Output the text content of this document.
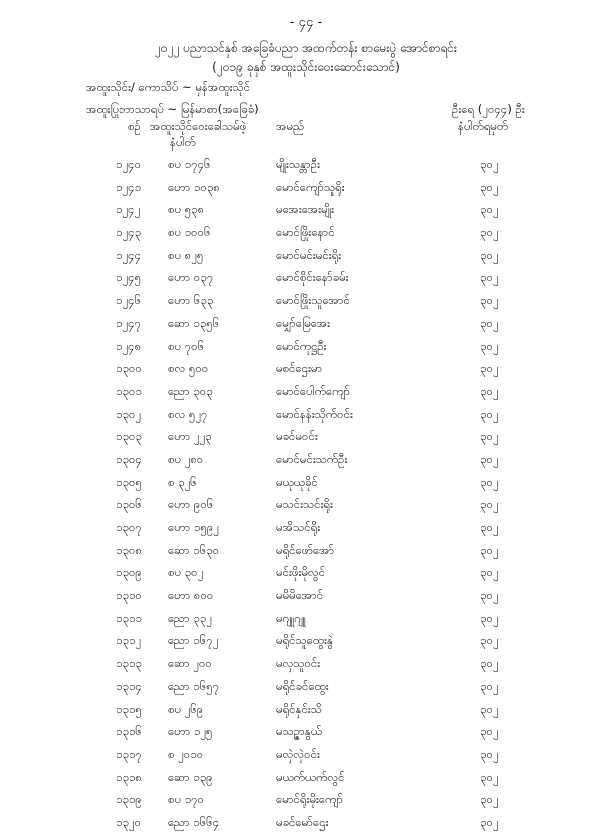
- ၄၄ -
၂၀၂၂ ပညာသင်နှစ် အခြေခံပညာ အထက်တန်း စာမေးပွဲ အောင်စာရင်း
(၂၀၁၉ ခုနှစ် အထူးသိုင်းဝေးဆောင်းသောင်)
အထူးသိုင်း/ ကောသိပ် ~ မှန်အထူးသိုင်
အထူးပြုဘာသာရပ် ~ မြန်မာစာ(အခြေခံ)	ဦးရေ (၂၀၄၄) ဦး
စဉ် အထူးသိုင်ဝေးခေါသမ်ဖဲ့
နံပါတ်
အမည်	နံပါတ်ရမှတ်
၁၂၄၀ စပ ၁၇၄၆	မျိုးသန္တာဦး	၃၀၂
၁၂၄၁ ဟော ၁၀၃၈	မောင်ကျော်သူရိုး	၃၀၂
၁၂၄၂ စပ ၅၃၈	မအေးအေးမျိုး	၃၀၂
၁၂၄၃ စပ ၁၀၀၆	မောင်ဖြိုးနောင်	၃၀၂
၁၂၄၄ စပ ၈၂၅	မောင်မင်းမင်းရိုး	၃၀၂
၁၂၄၅ ဟော ၀၃၇	မောင်စိုင်းနော်ခမ်း	၃၀၂
၁၂၄၆ ဟော ၆၃၃	မောင်ဖြိုးသူအောင်	၃၀၂
၁၂၄၇ ဆော ၁၃၅၆	မျှော်မြေအေး	၃၀၂
၁၂၄၈ စပ ၇၀၆	မောင်ကုဋ္ဌဦး	၃၀၂
၁၃၀၀ စလ ၅၀၀	မစင်ဌေးမာ	၃၀၂
၁၃၀၁ ညော ၃၀၃	မောင်ပေါက်ကျော်	၃၀၂
၁၃၀၂ စလ ၅၂၇	မောင်နန်းသိုက်ဝင်း	၃၀၂
၁၃၀၃ ဟော ၂၂၃	မခင်မဝင်း	၃၀၂
၁၃၀၄ စပ ၂၈၀	မောင်မင်းသက်ဦး	၃၀၂
၁၃၀၅ စ ၃၂၆	မယုယုခိုင်	၃၀၂
၁၃၀၆ ဟော ၉၀၆	မသင်းသင်းရိုး	၃၀၂
၁၃၀၇ ဟော ၁၅၉၂	မအိသင်ရိုး	၃၀၂
၁၃၀၈ ဆော ၁၆၃၀	မရိုင်ဖော်အော်	၃၀၂
၁၃၀၉ စပ ၃၀၂	မင်းဖိုးမိုလွင်	၃၀၂
၁၃၁၀ ဟော ၈၀၀	မမိမိအောင်	၃၀၂
၁၃၁၁ ညော ၃၃၂	မဂျူဂျူ	၃၀၂
၁၃၁၂ ညော ၁၆၇၂	မရိုင်သူထွေးနွဲ	၃၀၂
၁၃၁၃ ဆော ၂၀၀	မလှသူဝင်း	၃၀၂
၁၃၁၄ ညော ၁၆၅၇	မရိုင်ခင်ထွေး	၃၀၂
၁၃၁၅ စပ ၂၆၉	မရိုင်နှင်းသိ	၃၀၂
၁၃၁၆ ဟော ၁၂၅	မသဥ္ဇာနွယ်	၃၀၂
၁၃၁၇ စ ၂၀၁၀	မလှဲလှဲဝင်း	၃၀၂
၁၃၁၈ ဆော ၁၃၉	မယက်ယက်လွင်	၃၀၂
၁၃၁၉ စပ ၁၇၀	မောင်ရိုးမိုးကျော်	၃၀၂
၁၃၂၀ ညော ၁၆၆၄	မခင်မော်ဌေး	၃၀၂
